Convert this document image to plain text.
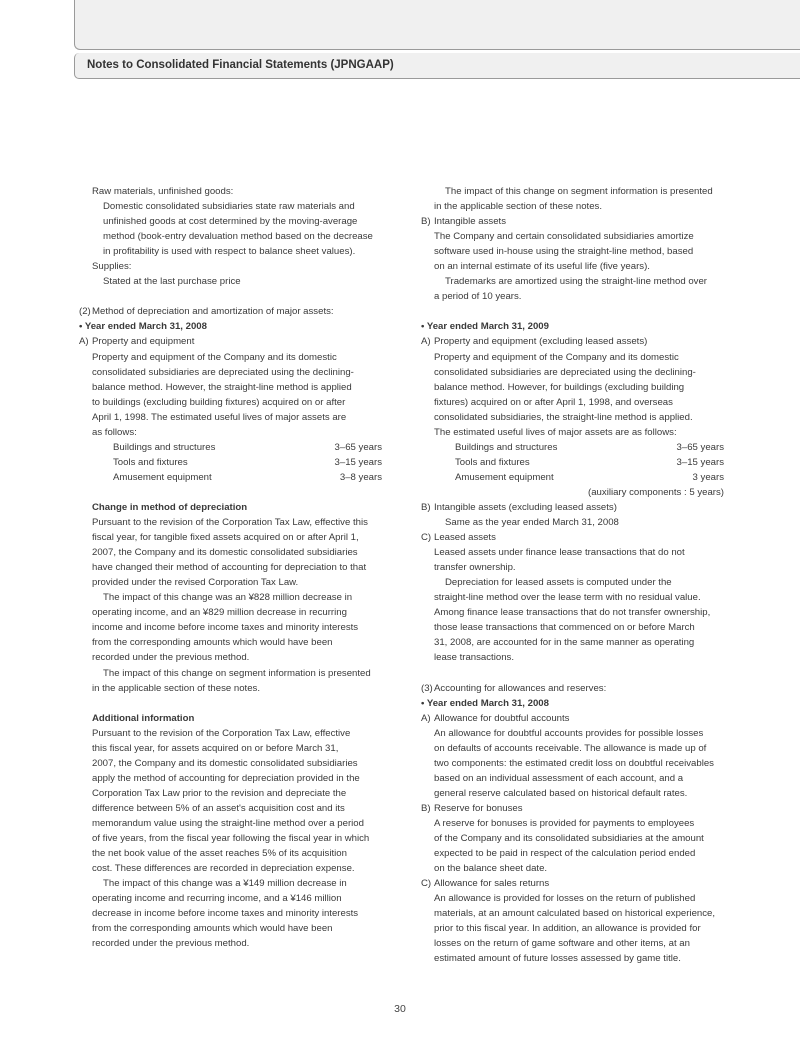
Notes to Consolidated Financial Statements (JPNGAAP)
Raw materials, unfinished goods:
Domestic consolidated subsidiaries state raw materials and
unfinished goods at cost determined by the moving-average
method (book-entry devaluation method based on the decrease
in profitability is used with respect to balance sheet values).
Supplies:
Stated at the last purchase price
(2)Method of depreciation and amortization of major assets:
• Year ended March 31, 2008
A) Property and equipment
Property and equipment of the Company and its domestic
consolidated subsidiaries are depreciated using the declining-
balance method. However, the straight-line method is applied
to buildings (excluding building fixtures) acquired on or after
April 1, 1998. The estimated useful lives of major assets are
as follows:
Buildings and structures	3–65 years
Tools and fixtures	3–15 years
Amusement equipment	3–8 years
Change in method of depreciation
Pursuant to the revision of the Corporation Tax Law, effective this
fiscal year, for tangible fixed assets acquired on or after April 1,
2007, the Company and its domestic consolidated subsidiaries
have changed their method of accounting for depreciation to that
provided under the revised Corporation Tax Law.
The impact of this change was an ¥828 million decrease in
operating income, and an ¥829 million decrease in recurring
income and income before income taxes and minority interests
from the corresponding amounts which would have been
recorded under the previous method.
The impact of this change on segment information is presented
in the applicable section of these notes.
Additional information
Pursuant to the revision of the Corporation Tax Law, effective
this fiscal year, for assets acquired on or before March 31,
2007, the Company and its domestic consolidated subsidiaries
apply the method of accounting for depreciation provided in the
Corporation Tax Law prior to the revision and depreciate the
difference between 5% of an asset's acquisition cost and its
memorandum value using the straight-line method over a period
of five years, from the fiscal year following the fiscal year in which
the net book value of the asset reaches 5% of its acquisition
cost. These differences are recorded in depreciation expense.
The impact of this change was a ¥149 million decrease in
operating income and recurring income, and a ¥146 million
decrease in income before income taxes and minority interests
from the corresponding amounts which would have been
recorded under the previous method.
The impact of this change on segment information is presented
in the applicable section of these notes.
B) Intangible assets
The Company and certain consolidated subsidiaries amortize
software used in-house using the straight-line method, based
on an internal estimate of its useful life (five years).
Trademarks are amortized using the straight-line method over
a period of 10 years.
• Year ended March 31, 2009
A) Property and equipment (excluding leased assets)
Property and equipment of the Company and its domestic
consolidated subsidiaries are depreciated using the declining-
balance method. However, for buildings (excluding building
fixtures) acquired on or after April 1, 1998, and overseas
consolidated subsidiaries, the straight-line method is applied.
The estimated useful lives of major assets are as follows:
Buildings and structures	3–65 years
Tools and fixtures	3–15 years
Amusement equipment	3 years
(auxiliary components : 5 years)
B) Intangible assets (excluding leased assets)
Same as the year ended March 31, 2008
C) Leased assets
Leased assets under finance lease transactions that do not
transfer ownership.
Depreciation for leased assets is computed under the
straight-line method over the lease term with no residual value.
Among finance lease transactions that do not transfer ownership,
those lease transactions that commenced on or before March
31, 2008, are accounted for in the same manner as operating
lease transactions.
(3)Accounting for allowances and reserves:
• Year ended March 31, 2008
A) Allowance for doubtful accounts
An allowance for doubtful accounts provides for possible losses
on defaults of accounts receivable. The allowance is made up of
two components: the estimated credit loss on doubtful receivables
based on an individual assessment of each account, and a
general reserve calculated based on historical default rates.
B) Reserve for bonuses
A reserve for bonuses is provided for payments to employees
of the Company and its consolidated subsidiaries at the amount
expected to be paid in respect of the calculation period ended
on the balance sheet date.
C) Allowance for sales returns
An allowance is provided for losses on the return of published
materials, at an amount calculated based on historical experience,
prior to this fiscal year. In addition, an allowance is provided for
losses on the return of game software and other items, at an
estimated amount of future losses assessed by game title.
30
